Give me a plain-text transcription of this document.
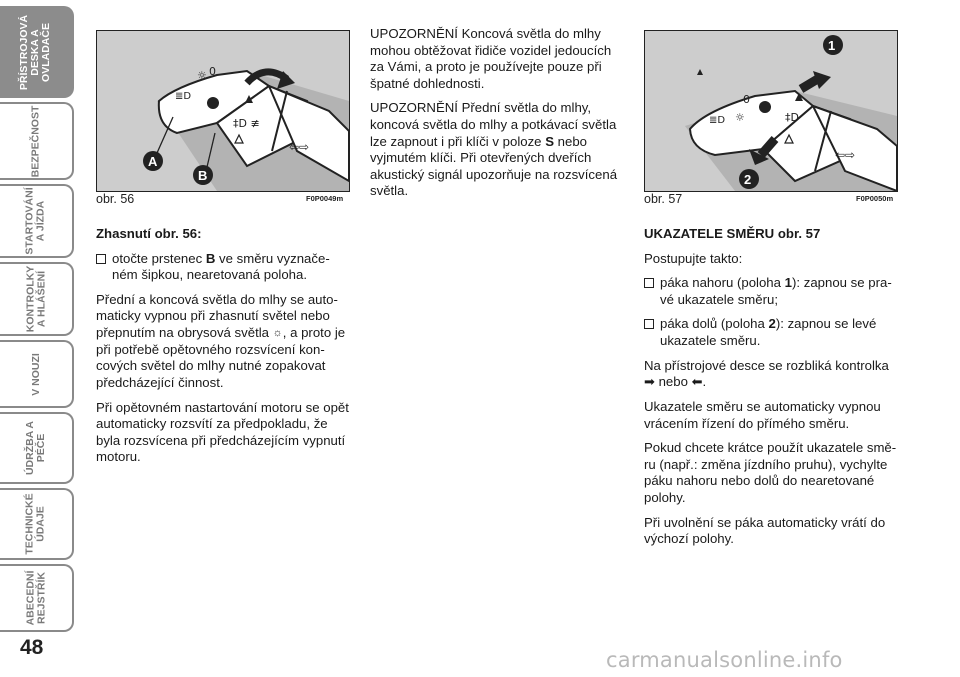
PŘÍSTROJOVÁ
DESKA A
OVLADAČE
BEZPEČNOST
STARTOVÁNÍ
A JÍZDA
KONTROLKY
A HLÁŠENÍ
V NOUZI
ÚDRŽBA A
PÉČE
TECHNICKÉ
ÚDAJE
ABECEDNÍ
REJSTŘÍK
48
☼ 0
≣D
‡D ≢
⇦⇨
A
B
obr. 56	F0P0049m
☼
0
≣D	‡D
⇦⇨
1
2
obr. 57	F0P0050m
Zhasnutí obr. 56:
otočte prstenec B ve směru vyznačeném šipkou, nearetovaná poloha.

Přední a koncová světla do mlhy se automaticky vypnou při zhasnutí světel nebo přepnutím na obrysová světla ☼, a proto je při potřebě opětovného rozsvícení koncových světel do mlhy nutné zopakovat předcházející činnost.

Při opětovném nastartování motoru se opět automaticky rozsvítí za předpokladu, že byla rozsvícena při předcházejícím vypnutí motoru.

UPOZORNĚNÍ Koncová světla do mlhy mohou obtěžovat řidiče vozidel jedoucích za Vámi, a proto je používejte pouze při špatné dohlednosti.

UPOZORNĚNÍ Přední světla do mlhy, koncová světla do mlhy a potkávací světla lze zapnout i při klíči v poloze S nebo vyjmutém klíči. Při otevřených dveřích akustický signál upozorňuje na rozsvícená světla.

UKAZATELE SMĚRU obr. 57

Postupujte takto:

páka nahoru (poloha 1): zapnou se pravé ukazatele směru;
páka dolů (poloha 2): zapnou se levé ukazatele směru.

Na přístrojové desce se rozbliká kontrolka ➡ nebo ⬅.

Ukazatele směru se automaticky vypnou vrácením řízení do přímého směru.

Pokud chcete krátce použít ukazatele směru (např.: změna jízdního pruhu), vychylte páku nahoru nebo dolů do nearetované polohy.

Při uvolnění se páka automaticky vrátí do výchozí polohy.

carmanualsonline.info
